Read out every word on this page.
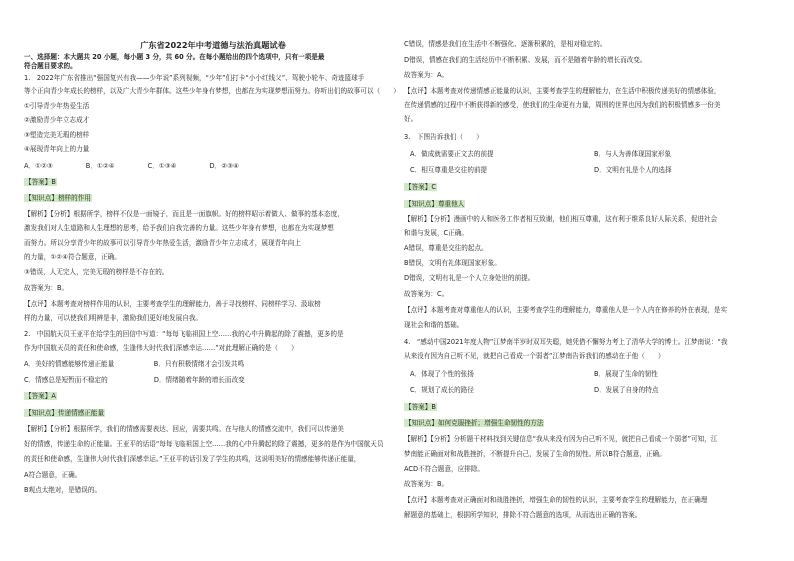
广东省2022年中考道德与法治真题试卷
一、选择题：本大题共 20 小题，每小题 3 分，共 60 分。在每小题给出的四个选项中，只有一项是最
符合题目要求的。
1.　2022年广东省推出“强国复兴有我——少年说”系列视频，“少年”们打卡“小小红线父”、驾驶小轮车、奇迹篮球手
等个正向青少年成长的榜样，以及广大青少年群体。这些少年身有梦想，也都在为实现梦想而努力。你听出们的故事可以（　　）
①引导青少年热爱生活
②激励青少年立志成才
③塑造完美无瑕的榜样
④展现青年向上的力量
A．①②③　　　　　B．①②④　　　　　C．①③④　　　　　D．②③④
【答案】B
【知识点】榜样的作用
【解析】【分析】根据所学，榜样不仅是一面镜子，而且是一面旗帜。好的榜样昭示着做人、做事的基本态度，
激发我们对人生道路和人生理想的思考，给予我们自我完善的力量。这些少年身有梦想，也都在为实现梦想
而努力。所以分享青少年的故事可以引导青少年热爱生活，激励青少年立志成才，展现青年向上
的力量，①②④符合题意，正确。
③错误，人无完人，完美无瑕的榜样是不存在的。
故答案为：B。
【点评】本题考查对榜样作用的认识，主要考查学生的理解能力，善于寻找榜样、同榜样学习、汲取榜
样的力量，可以使我们明辨是非，激励我们更好地发展自我。
2.　中国航天员王亚平在给学生的回信中写道：“每每飞临祖国上空……我的心中升腾起的除了震撼，更多的是
作为中国航天员的责任和使命感，生逢伟大时代我们深感幸运……”对此理解正确的是（　　）
A．美好的情感能够传递正能量　　　　　　B．只有积极情绪才会引发共鸣
C．情感总是短暂而不稳定的　　　　　　　D．情绪随着年龄的增长而改变
【答案】A
【知识点】传递情感正能量
【解析】【分析】根据所学，我们的情感需要表达、回应，需要共鸣。在与他人的情感交流中，我们可以传递美
好的情感，传递生命的正能量。王亚平的话语“每每飞临祖国上空……我的心中升腾起的除了震撼，更多的是作为中国航天员
的责任和使命感，生逢伟大时代我们深感幸运。”王亚平的话引发了学生的共鸣，这说明美好的情感能够传递正能量，
A符合题意，正确。
B观点太绝对，是错误的。
C错误，情感是我们在生活中不断强化、逐渐积累的，是相对稳定的。
D错误，情感在我们的生活经历中不断积累、发展，而不是随着年龄的增长而改变。
故答案为：A。
【点评】本题考查对传递情感正能量的认识，主要考查学生的理解能力，在生活中积极传递美好的情感体验，
在传递情感的过程中不断获得新的感受，使我们的生命更有力量，周围的世界也因为我们的积极情感多一份美
好。
3.　下图告诉我们（　　）
A．做成就需要正文去的前提	B．与人为善体现国家形象
C．相互尊重是交往的前提	D．文明有礼是个人的选择
【答案】C
【知识点】尊重他人
【解析】【分析】漫画中的人和医务工作者相互致谢，他们相互尊重，这有利于维系良好人际关系，促进社会
和谐与发展，C正确。
A错误，尊重是交往的起点。
B错误，文明有礼体现国家形象。
D错误，文明有礼是一个人立身处世的前提。
故答案为：C。
【点评】本题考查对尊重他人的认识，主要考查学生的理解能力，尊重他人是一个人内在修养的外在表现，是实
现社会和谐的基础。
4.　“感动中国2021年度人物”江梦南半岁时双耳失聪，她凭借不懈努力考上了清华大学的博士。江梦南说：“我
从来没有因为自己听不见，就把自己看成一个弱者”江梦南告诉我们的感动在于他（　　）
A．体现了个性的张扬	B．展现了生命的韧性
C．规划了成长的路径	D．发展了自身的特点
【答案】B
【知识点】如何克服挫折；增强生命韧性的方法
【解析】【分析】分析题干材料找到关键信息“我从来没有因为自己听不见，就把自己看成一个弱者”可知，江
梦南能正确面对和战胜挫折，不断提升自己，发展了生命的韧性。所以B符合题意，正确。
ACD不符合题意，应排除。
故答案为：B。
【点评】本题考查对正确面对和战胜挫折，增强生命的韧性的认识，主要考查学生的理解能力，在正确理
解题意的基础上，根据所学知识，排除不符合题意的选项，从而选出正确的答案。
